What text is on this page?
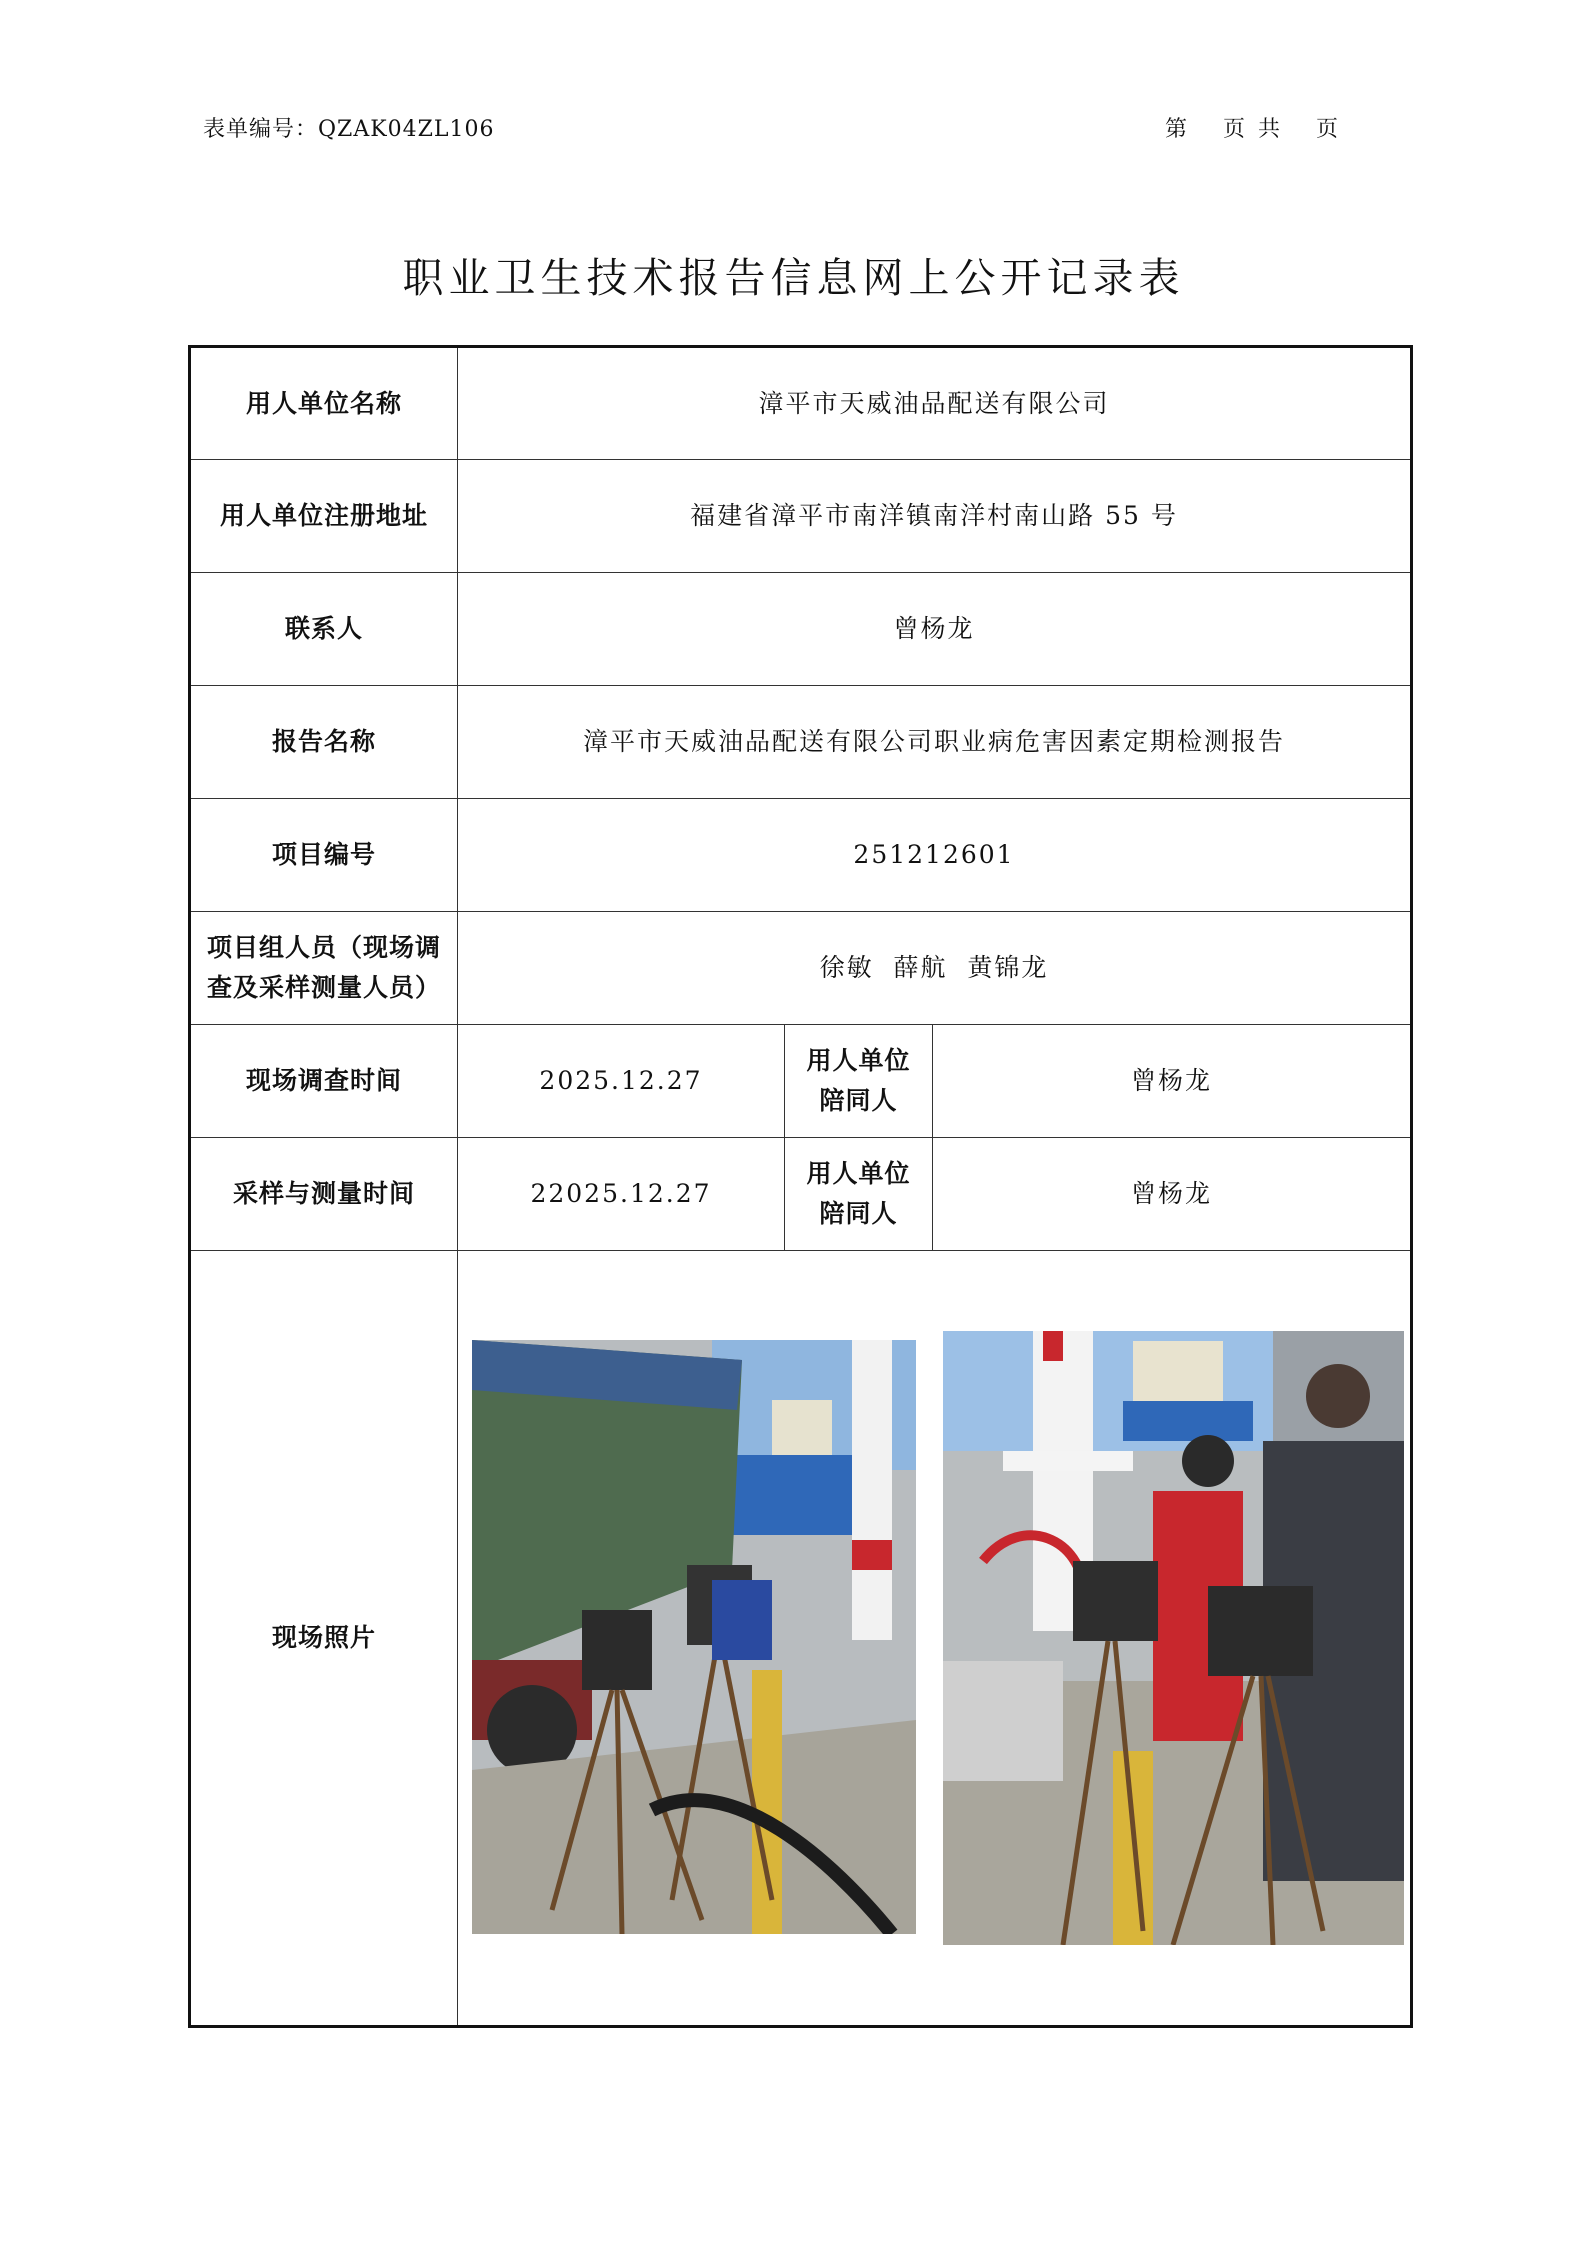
表单编号：QZAK04ZL106	第　 页 共　 页
职业卫生技术报告信息网上公开记录表
用人单位名称	漳平市天威油品配送有限公司		
用人单位注册地址	福建省漳平市南洋镇南洋村南山路 55 号		
联系人	曾杨龙		
报告名称	漳平市天威油品配送有限公司职业病危害因素定期检测报告		
项目编号	251212601		
项目组人员（现场调查及采样测量人员）	徐敏  薛航  黄锦龙		
现场调查时间	2025.12.27	用人单位陪同人	曾杨龙
采样与测量时间	22025.12.27	用人单位陪同人	曾杨龙
现场照片	
